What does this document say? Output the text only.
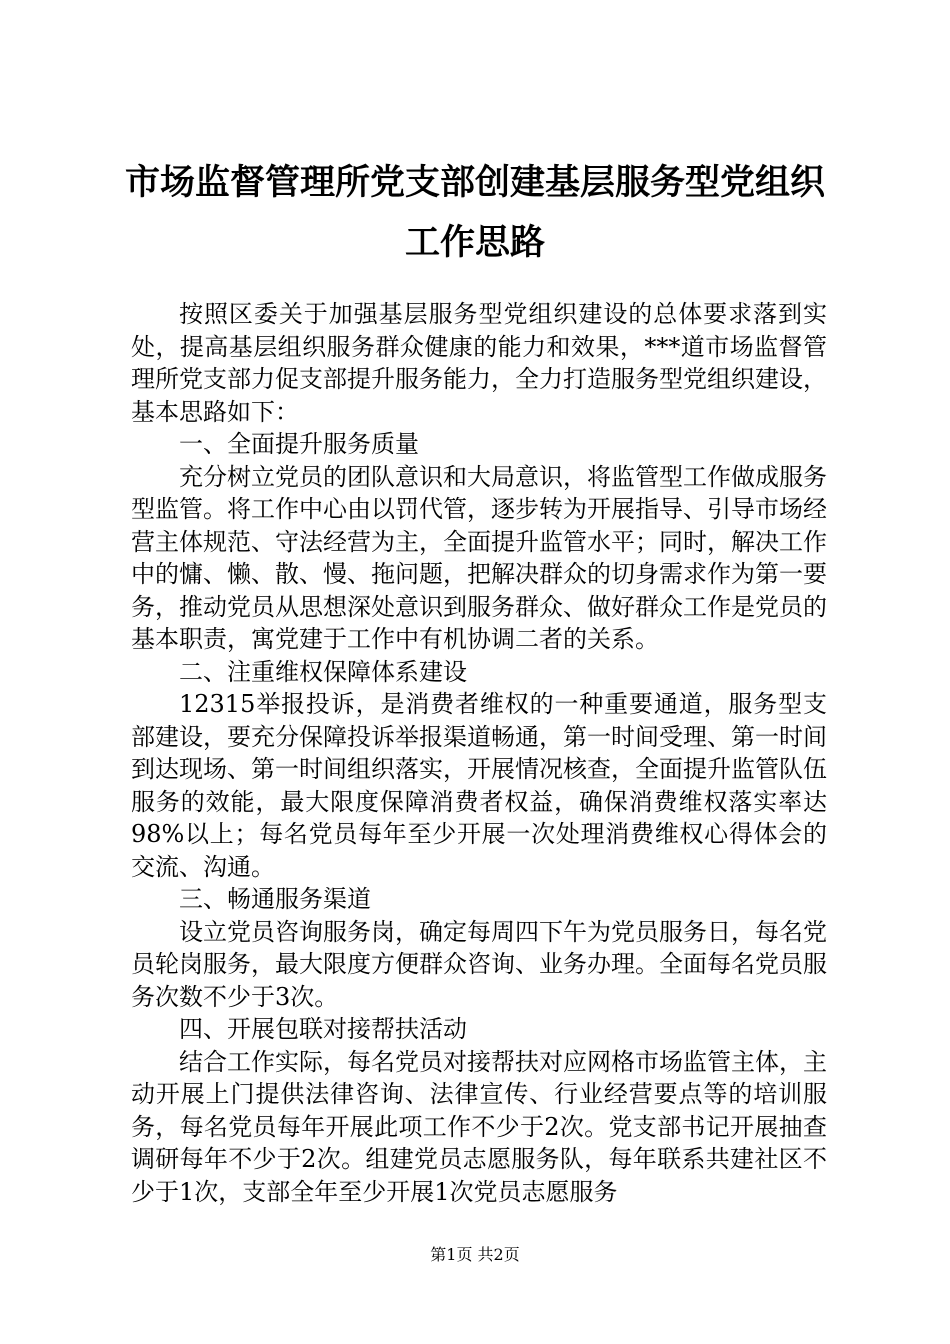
市场监督管理所党支部创建基层服务型党组织
工作思路

按照区委关于加强基层服务型党组织建设的总体要求落到实处，提高基层组织服务群众健康的能力和效果，***道市场监督管理所党支部力促支部提升服务能力，全力打造服务型党组织建设，基本思路如下：

一、全面提升服务质量

充分树立党员的团队意识和大局意识，将监管型工作做成服务型监管。将工作中心由以罚代管，逐步转为开展指导、引导市场经营主体规范、守法经营为主，全面提升监管水平；同时，解决工作中的慵、懒、散、慢、拖问题，把解决群众的切身需求作为第一要务，推动党员从思想深处意识到服务群众、做好群众工作是党员的基本职责，寓党建于工作中有机协调二者的关系。

二、注重维权保障体系建设

12315举报投诉，是消费者维权的一种重要通道，服务型支部建设，要充分保障投诉举报渠道畅通，第一时间受理、第一时间到达现场、第一时间组织落实，开展情况核查，全面提升监管队伍服务的效能，最大限度保障消费者权益，确保消费维权落实率达98%以上；每名党员每年至少开展一次处理消费维权心得体会的交流、沟通。

三、畅通服务渠道

设立党员咨询服务岗，确定每周四下午为党员服务日，每名党员轮岗服务，最大限度方便群众咨询、业务办理。全面每名党员服务次数不少于3次。

四、开展包联对接帮扶活动

结合工作实际，每名党员对接帮扶对应网格市场监管主体，主动开展上门提供法律咨询、法律宣传、行业经营要点等的培训服务，每名党员每年开展此项工作不少于2次。党支部书记开展抽查调研每年不少于2次。组建党员志愿服务队，每年联系共建社区不少于1次，支部全年至少开展1次党员志愿服务

第1页 共2页
